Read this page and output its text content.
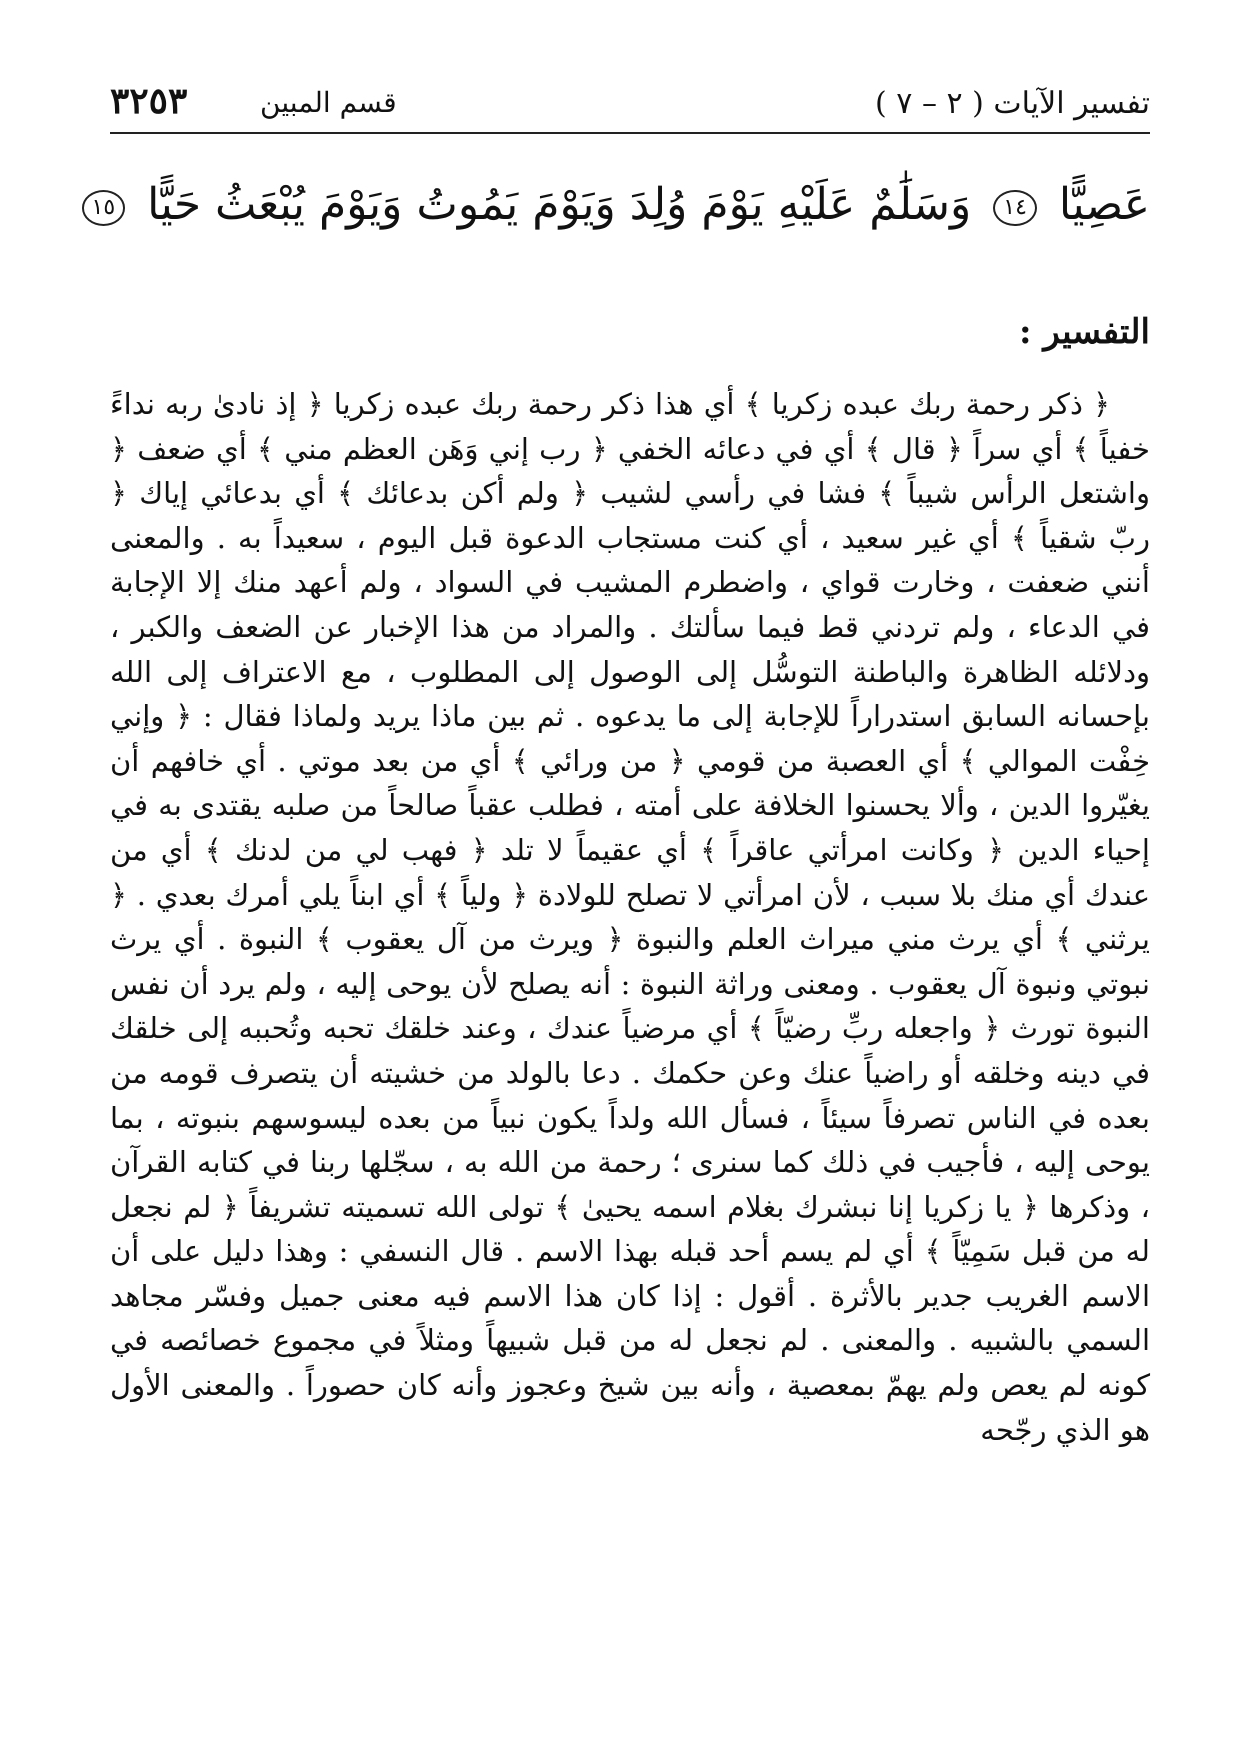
تفسير الآيات ( ٢ – ٧ )
قسم المبين
٣٢٥٣
عَصِيًّا ١٤ وَسَلَٰمٌ عَلَيْهِ يَوْمَ وُلِدَ وَيَوْمَ يَمُوتُ وَيَوْمَ يُبْعَثُ حَيًّا ١٥
التفسير :

﴿ ذكر رحمة ربك عبده زكريا ﴾ أي هذا ذكر رحمة ربك عبده زكريا ﴿ إذ نادىٰ ربه نداءً خفياً ﴾ أي سراً ﴿ قال ﴾ أي في دعائه الخفي ﴿ رب إني وَهَن العظم مني ﴾ أي ضعف ﴿ واشتعل الرأس شيباً ﴾ فشا في رأسي لشيب ﴿ ولم أكن بدعائك ﴾ أي بدعائي إياك ﴿ ربّ شقياً ﴾ أي غير سعيد ، أي كنت مستجاب الدعوة قبل اليوم ، سعيداً به . والمعنى أنني ضعفت ، وخارت قواي ، واضطرم المشيب في السواد ، ولم أعهد منك إلا الإجابة في الدعاء ، ولم تردني قط فيما سألتك . والمراد من هذا الإخبار عن الضعف والكبر ، ودلائله الظاهرة والباطنة التوسُّل إلى الوصول إلى المطلوب ، مع الاعتراف إلى الله بإحسانه السابق استدراراً للإجابة إلى ما يدعوه . ثم بين ماذا يريد ولماذا فقال : ﴿ وإني خِفْت الموالي ﴾ أي العصبة من قومي ﴿ من ورائي ﴾ أي من بعد موتي . أي خافهم أن يغيّروا الدين ، وألا يحسنوا الخلافة على أمته ، فطلب عقباً صالحاً من صلبه يقتدى به في إحياء الدين ﴿ وكانت امرأتي عاقراً ﴾ أي عقيماً لا تلد ﴿ فهب لي من لدنك ﴾ أي من عندك أي منك بلا سبب ، لأن امرأتي لا تصلح للولادة ﴿ ولياً ﴾ أي ابناً يلي أمرك بعدي . ﴿ يرثني ﴾ أي يرث مني ميراث العلم والنبوة ﴿ ويرث من آل يعقوب ﴾ النبوة . أي يرث نبوتي ونبوة آل يعقوب . ومعنى وراثة النبوة : أنه يصلح لأن يوحى إليه ، ولم يرد أن نفس النبوة تورث ﴿ واجعله ربِّ رضيّاً ﴾ أي مرضياً عندك ، وعند خلقك تحبه وتُحببه إلى خلقك في دينه وخلقه أو راضياً عنك وعن حكمك . دعا بالولد من خشيته أن يتصرف قومه من بعده في الناس تصرفاً سيئاً ، فسأل الله ولداً يكون نبياً من بعده ليسوسهم بنبوته ، بما يوحى إليه ، فأجيب في ذلك كما سنرى ؛ رحمة من الله به ، سجّلها ربنا في كتابه القرآن ، وذكرها ﴿ يا زكريا إنا نبشرك بغلام اسمه يحيىٰ ﴾ تولى الله تسميته تشريفاً ﴿ لم نجعل له من قبل سَمِيّاً ﴾ أي لم يسم أحد قبله بهذا الاسم . قال النسفي : وهذا دليل على أن الاسم الغريب جدير بالأثرة . أقول : إذا كان هذا الاسم فيه معنى جميل وفسّر مجاهد السمي بالشبيه . والمعنى . لم نجعل له من قبل شبيهاً ومثلاً في مجموع خصائصه في كونه لم يعص ولم يهمّ بمعصية ، وأنه بين شيخ وعجوز وأنه كان حصوراً . والمعنى الأول هو الذي رجّحه
